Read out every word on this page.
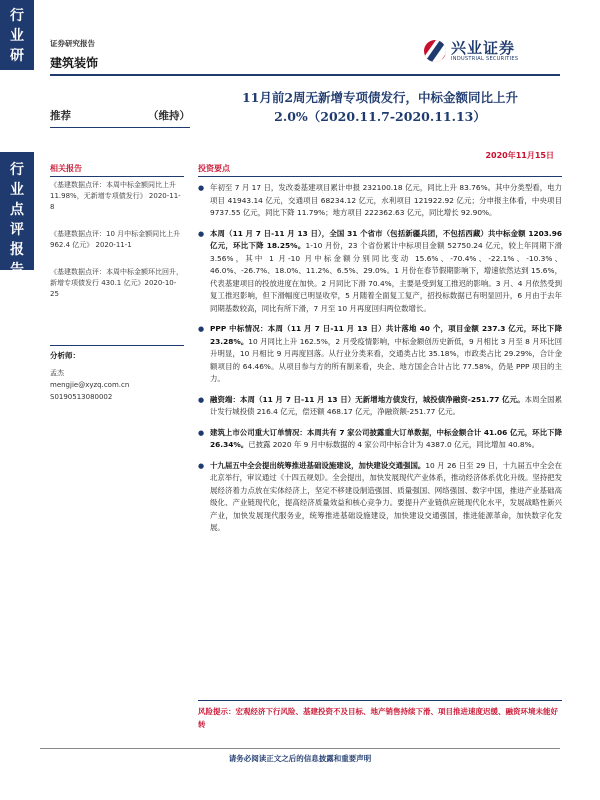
行
业
研
行
业
点
评
报
告
证券研究报告
建筑装饰
兴业证券
INDUSTRIAL SECURITIES
推荐	（维持）
11月前2周无新增专项债发行，中标金额同比上升
2.0%（2020.11.7-2020.11.13）
2020年11月15日
相关报告	投资要点
《基建数据点评：本周中标金额同比上升 11.98%，无新增专项债发行》 2020-11-8
《基建数据点评：10 月中标金额同比上升 962.4 亿元》 2020-11-1
《基建数据点评：本周中标金额环比回升，新增专项债发行 430.1 亿元》2020-10-25
分析师：
孟杰
mengjie@xyzq.com.cn
S0190513080002
● 年初至 7 月 17 日，发改委基建项目累计申报 232100.18 亿元，同比上升 83.76%。其中分类型看，电力项目 41943.14 亿元，交通项目 68234.12 亿元，水利项目 121922.92 亿元；分申报主体看，中央项目 9737.55 亿元，同比下降 11.79%；地方项目 222362.63 亿元，同比增长 92.90%。
● 本周（11 月 7 日-11 月 13 日），全国 31 个省市（包括新疆兵团，不包括西藏）共中标金额 1203.96 亿元，环比下降 18.25%。1-10 月份，23 个省份累计中标项目金额 52750.24 亿元，较上年同期下滑 3.56%，其中 1 月-10 月中标金额分别同比变动 15.6%、-70.4%、-22.1%、-10.3%、46.0%、-26.7%、18.0%、11.2%、6.5%、29.0%。1 月份在春节假期影响下，增速依然达到 15.6%，代表基建项目的投放进度在加快。2 月同比下滑 70.4%，主要是受到复工推迟的影响。3 月、4 月依然受到复工推迟影响，但下滑幅度已明显收窄，5 月随着全面复工复产，招投标数据已有明显回升，6 月由于去年同期基数较高，同比有所下滑，7 月至 10 月再度回归两位数增长。
● PPP 中标情况：本周（11 月 7 日-11 月 13 日）共计落地 40 个，项目金额 237.3 亿元，环比下降 23.28%。10 月同比上升 162.5%，2 月受疫情影响，中标金额创历史新低，9 月相比 3 月至 8 月环比回升明显，10 月相比 9 月再度回落。从行业分类来看，交通类占比 35.18%，市政类占比 29.29%，合计金额项目的 64.46%。从项目参与方的所有制来看，央企、地方国企合计占比 77.58%，仍是 PPP 项目的主力。
● 融资端：本周（11 月 7 日-11 月 13 日）无新增地方债发行，城投债净融资-251.77 亿元。本周全国累计发行城投债 216.4 亿元，偿还额 468.17 亿元，净融资额-251.77 亿元。
● 建筑上市公司重大订单情况：本周共有 7 家公司披露重大订单数据，中标金额合计 41.06 亿元，环比下降 26.34%。已披露 2020 年 9 月中标数据的 4 家公司中标合计为 4387.0 亿元，同比增加 40.8%。
● 十九届五中全会提出统筹推进基础设施建设，加快建设交通强国。10 月 26 日至 29 日，十九届五中全会在北京举行，审议通过《十四五规划》。全会提出，加快发展现代产业体系，推动经济体系优化升级。坚持把发展经济着力点放在实体经济上，坚定不移建设制造强国、质量强国、网络强国、数字中国，推进产业基础高级化、产业链现代化，提高经济质量效益和核心竞争力。要提升产业链供应链现代化水平，发展战略性新兴产业，加快发展现代服务业，统筹推进基础设施建设，加快建设交通强国，推进能源革命，加快数字化发展。
风险提示：宏观经济下行风险、基建投资不及目标、地产销售持续下滑、项目推进速度迟缓、融资环境未能好转
请务必阅读正文之后的信息披露和重要声明
